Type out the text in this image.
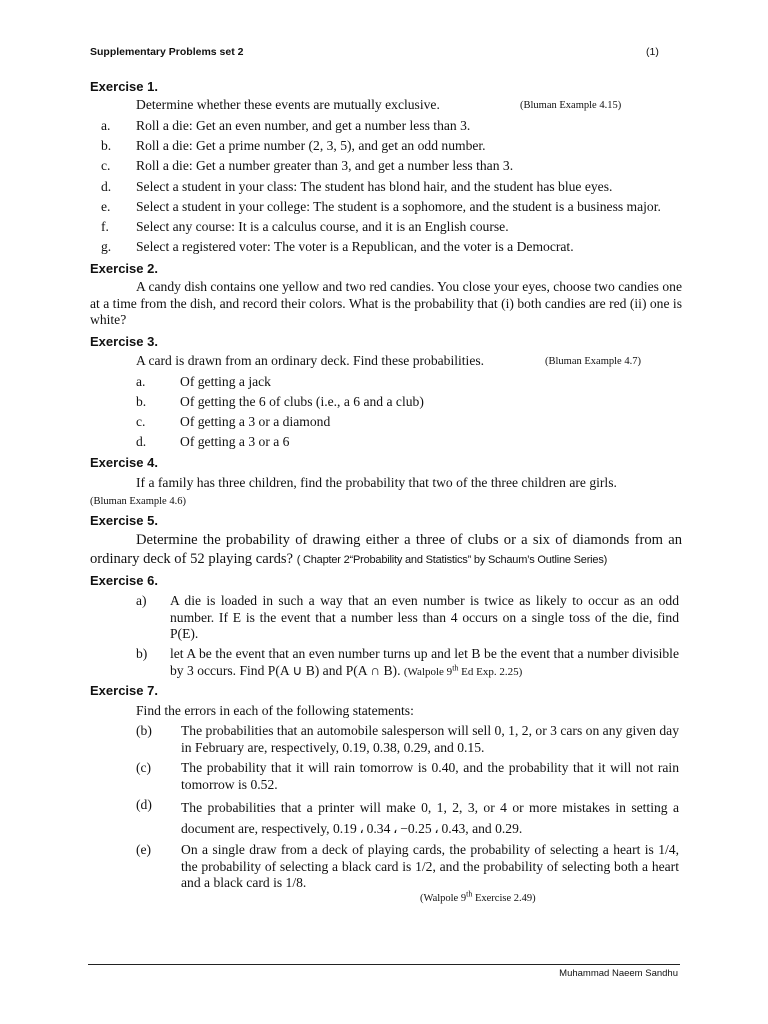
Supplementary Problems set 2	(1)
Exercise 1.
Determine whether these events are mutually exclusive.	(Bluman Example 4.15)
a. Roll a die: Get an even number, and get a number less than 3.
b. Roll a die: Get a prime number (2, 3, 5), and get an odd number.
c. Roll a die: Get a number greater than 3, and get a number less than 3.
d. Select a student in your class: The student has blond hair, and the student has blue eyes.
e. Select a student in your college: The student is a sophomore, and the student is a business major.
f. Select any course: It is a calculus course, and it is an English course.
g. Select a registered voter: The voter is a Republican, and the voter is a Democrat.
Exercise 2.
A candy dish contains one yellow and two red candies. You close your eyes, choose two candies one at a time from the dish, and record their colors. What is the probability that (i) both candies are red (ii) one is white?
Exercise 3.
A card is drawn from an ordinary deck. Find these probabilities.	(Bluman Example 4.7)
a.	Of getting a jack
b. Of getting the 6 of clubs (i.e., a 6 and a club)
c.	Of getting a 3 or a diamond
d. Of getting a 3 or a 6
Exercise 4.
If a family has three children, find the probability that two of the three children are girls.
(Bluman Example 4.6)
Exercise 5.
Determine the probability of drawing either a three of clubs or a six of diamonds from an
ordinary deck of 52 playing cards? ( Chapter 2“Probability and Statistics” by Schaum’s Outline Series)
Exercise 6.
a) A die is loaded in such a way that an even number is twice as likely to occur as an odd number. If E is the event that a number less than 4 occurs on a single toss of the die, find P(E).
b) let A be the event that an even number turns up and let B be the event that a number divisible by 3 occurs. Find P(A ∪ B) and P(A ∩ B). (Walpole 9th Ed Exp. 2.25)
Exercise 7.
Find the errors in each of the following statements:
(b) The probabilities that an automobile salesperson will sell 0, 1, 2, or 3 cars on any given day in February are, respectively, 0.19, 0.38, 0.29, and 0.15.
(c) The probability that it will rain tomorrow is 0.40, and the probability that it will not rain tomorrow is 0.52.
(d) The probabilities that a printer will make 0, 1, 2, 3, or 4 or more mistakes in setting a document are, respectively, 0.19 ، 0.34 ، −0.25 ، 0.43, and 0.29.
(e) On a single draw from a deck of playing cards, the probability of selecting a heart is 1/4, the probability of selecting a black card is 1/2, and the probability of selecting both a heart and a black card is 1/8.
(Walpole 9th Exercise 2.49)
Muhammad Naeem Sandhu
